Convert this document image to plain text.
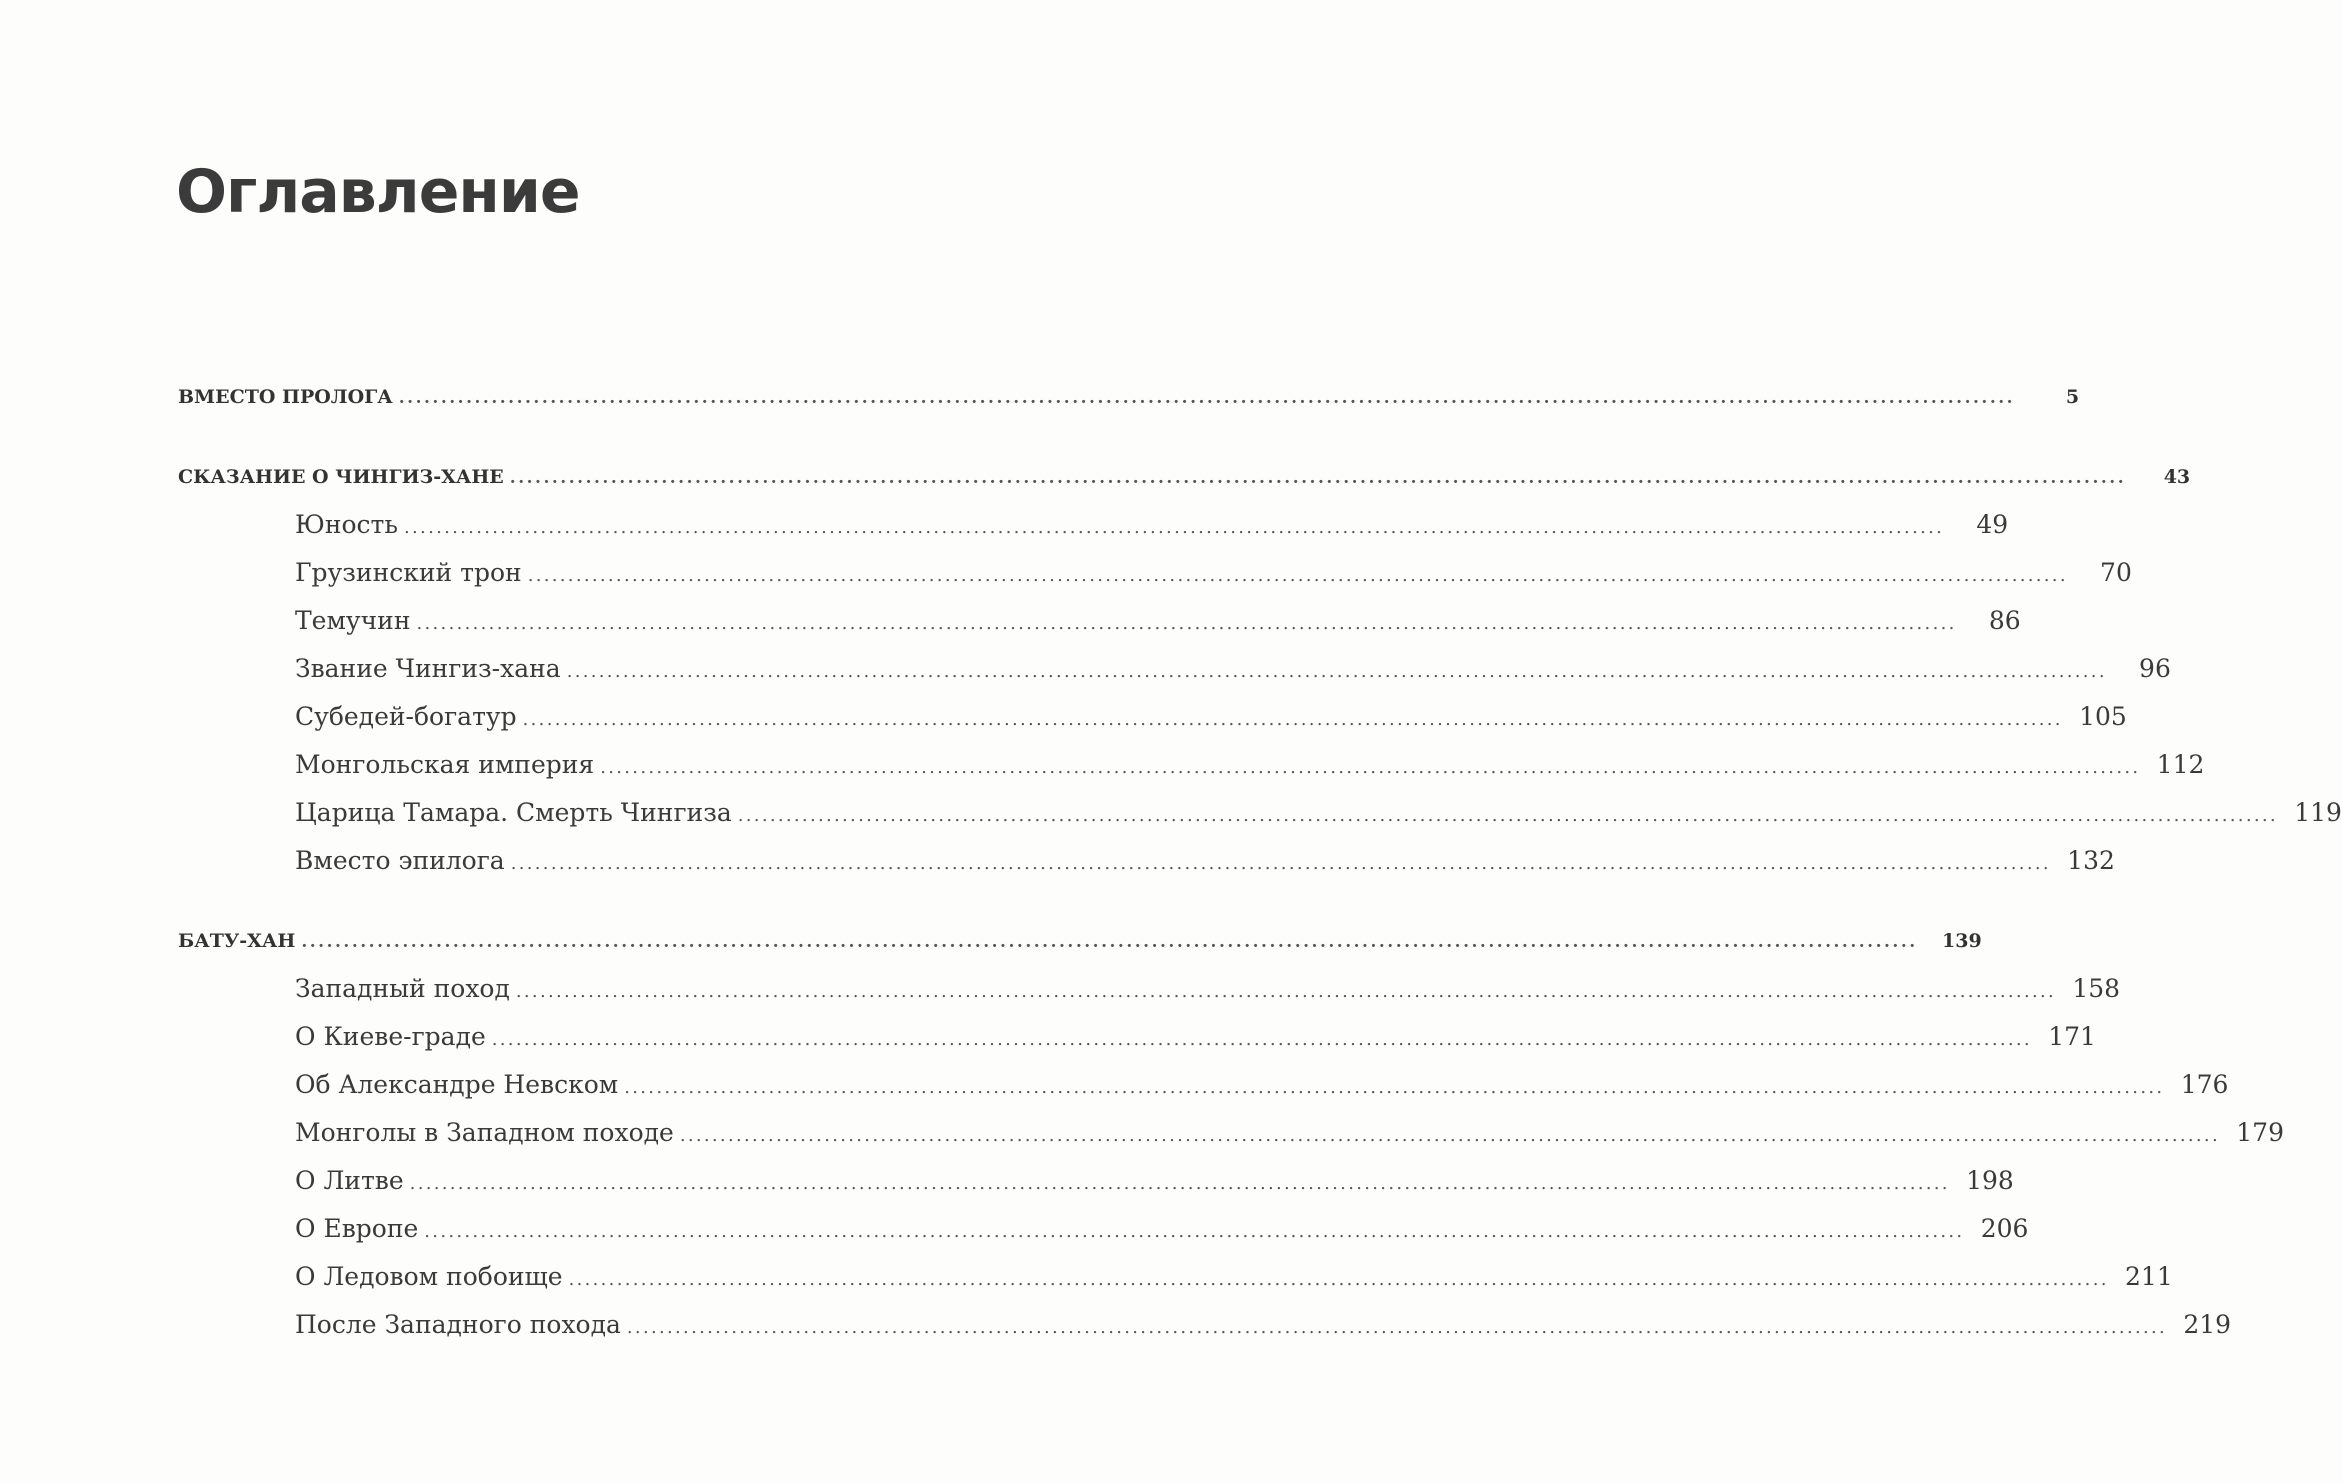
Оглавление
ВМЕСТО ПРОЛОГА ................................................................................................................................................................................................	5
СКАЗАНИЕ О ЧИНГИЗ-ХАНЕ ................................................................................................................................................................................................	43
Юность ................................................................................................................................................................................................	49
Грузинский трон ................................................................................................................................................................................................	70
Темучин ................................................................................................................................................................................................	86
Звание Чингиз-хана ................................................................................................................................................................................................	96
Субедей-богатур ................................................................................................................................................................................................ 105
Монгольская империя ................................................................................................................................................................................................ 112
Царица Тамара. Смерть Чингиза ................................................................................................................................................................................................ 119
Вместо эпилога ................................................................................................................................................................................................ 132
БАТУ-ХАН ................................................................................................................................................................................................	139
Западный поход ................................................................................................................................................................................................ 158
О Киеве-граде ................................................................................................................................................................................................ 171
Об Александре Невском ................................................................................................................................................................................................ 176
Монголы в Западном походе ................................................................................................................................................................................................ 179
О Литве ................................................................................................................................................................................................ 198
О Европе ................................................................................................................................................................................................ 206
О Ледовом побоище ................................................................................................................................................................................................ 211
После Западного похода ................................................................................................................................................................................................ 219
